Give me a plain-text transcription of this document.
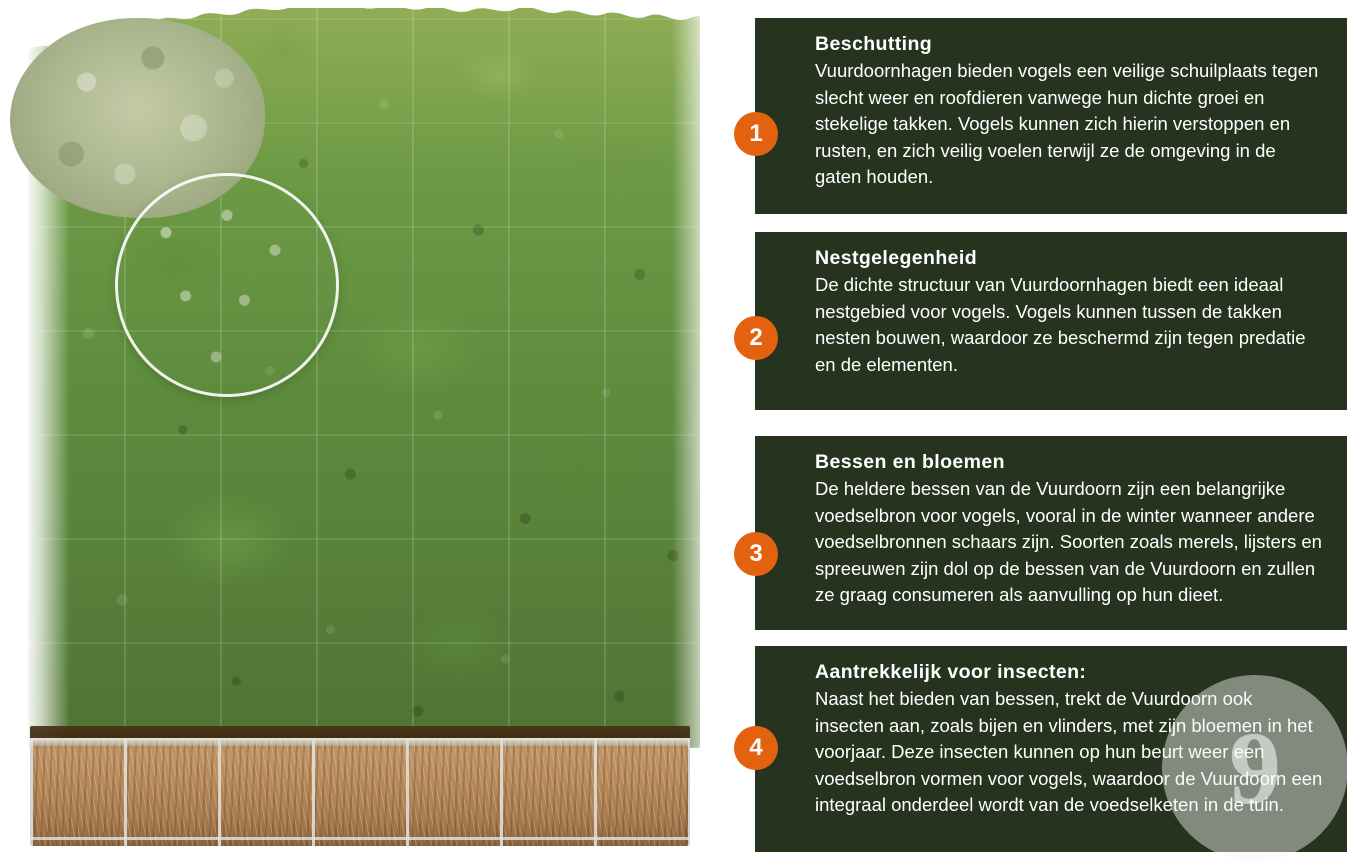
1
Beschutting

Vuurdoornhagen bieden vogels een veilige schuilplaats tegen slecht weer en roofdieren vanwege hun dichte groei en stekelige takken. Vogels kunnen zich hierin verstoppen en rusten, en zich veilig voelen terwijl ze de omgeving in de gaten houden.

2
Nestgelegenheid

De dichte structuur van Vuurdoornhagen biedt een ideaal nestgebied voor vogels. Vogels kunnen tussen de takken nesten bouwen, waardoor ze beschermd zijn tegen predatie en de elementen.

3
Bessen en bloemen

De heldere bessen van de Vuurdoorn zijn een belangrijke voedselbron voor vogels, vooral in de winter wanneer andere voedselbronnen schaars zijn. Soorten zoals merels, lijsters en spreeuwen zijn dol op de bessen van de Vuurdoorn en zullen ze graag consumeren als aanvulling op hun dieet.

4
Aantrekkelijk voor insecten:

Naast het bieden van bessen, trekt de Vuurdoorn ook insecten aan, zoals bijen en vlinders, met zijn bloemen in het voorjaar. Deze insecten kunnen op hun beurt weer een voedselbron vormen voor vogels, waardoor de Vuurdoorn een integraal onderdeel wordt van de voedselketen in de tuin.

9
